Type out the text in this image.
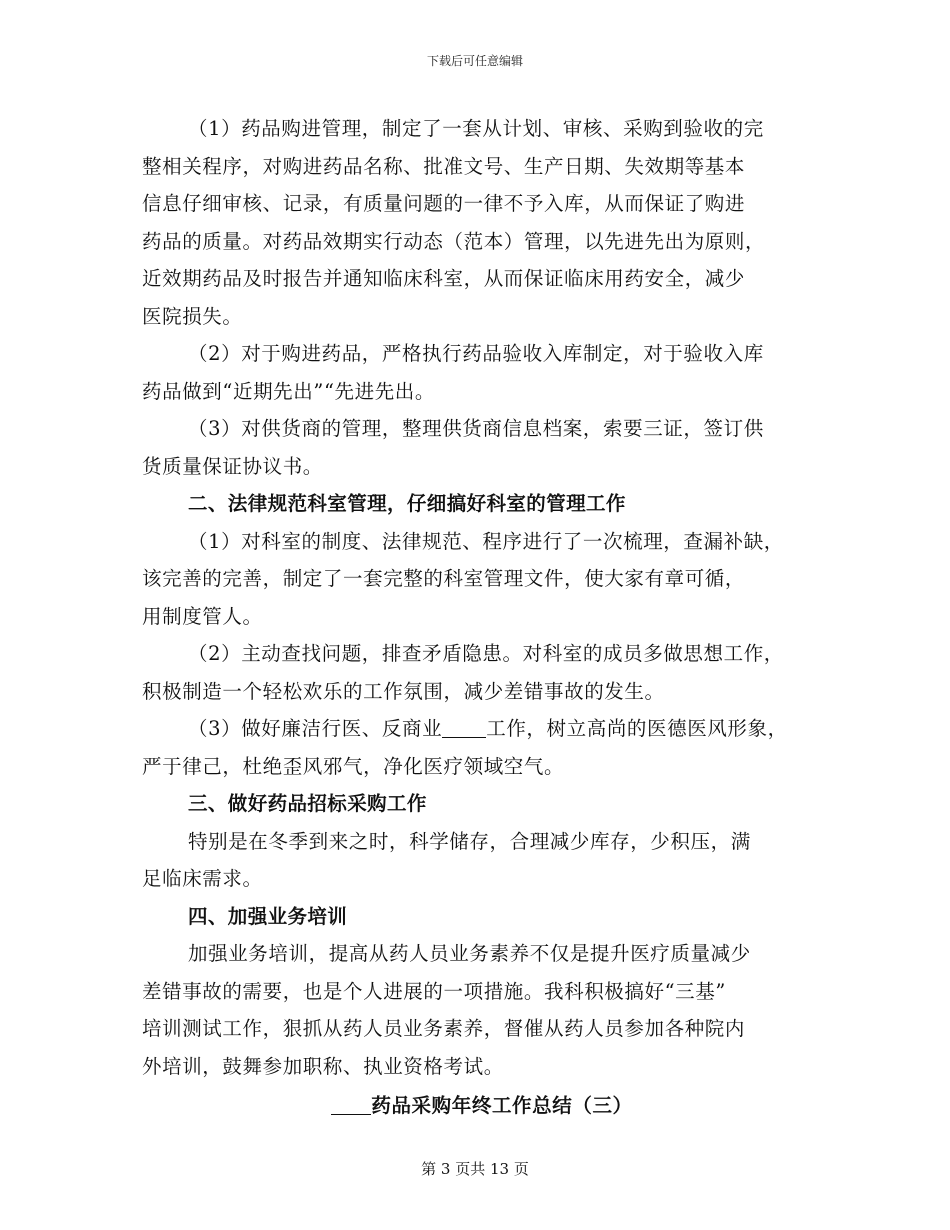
下载后可任意编辑
（1）药品购进管理，制定了一套从计划、审核、采购到验收的完
整相关程序，对购进药品名称、批准文号、生产日期、失效期等基本
信息仔细审核、记录，有质量问题的一律不予入库，从而保证了购进
药品的质量。对药品效期实行动态（范本）管理，以先进先出为原则，
近效期药品及时报告并通知临床科室，从而保证临床用药安全，减少
医院损失。
（2）对于购进药品，严格执行药品验收入库制定，对于验收入库
药品做到“近期先出”“先进先出。
（3）对供货商的管理，整理供货商信息档案，索要三证，签订供
货质量保证协议书。
二、法律规范科室管理，仔细搞好科室的管理工作
（1）对科室的制度、法律规范、程序进行了一次梳理，查漏补缺，
该完善的完善，制定了一套完整的科室管理文件，使大家有章可循，
用制度管人。
（2）主动查找问题，排查矛盾隐患。对科室的成员多做思想工作，
积极制造一个轻松欢乐的工作氛围，减少差错事故的发生。
（3）做好廉洁行医、反商业 工作，树立高尚的医德医风形象，
严于律己，杜绝歪风邪气，净化医疗领域空气。
三、做好药品招标采购工作
特别是在冬季到来之时，科学储存，合理减少库存，少积压，满
足临床需求。
四、加强业务培训
加强业务培训，提高从药人员业务素养不仅是提升医疗质量减少
差错事故的需要，也是个人进展的一项措施。我科积极搞好“三基”
培训测试工作，狠抓从药人员业务素养，督催从药人员参加各种院内
外培训，鼓舞参加职称、执业资格考试。
药品采购年终工作总结（三）
第 3 页共 13 页
